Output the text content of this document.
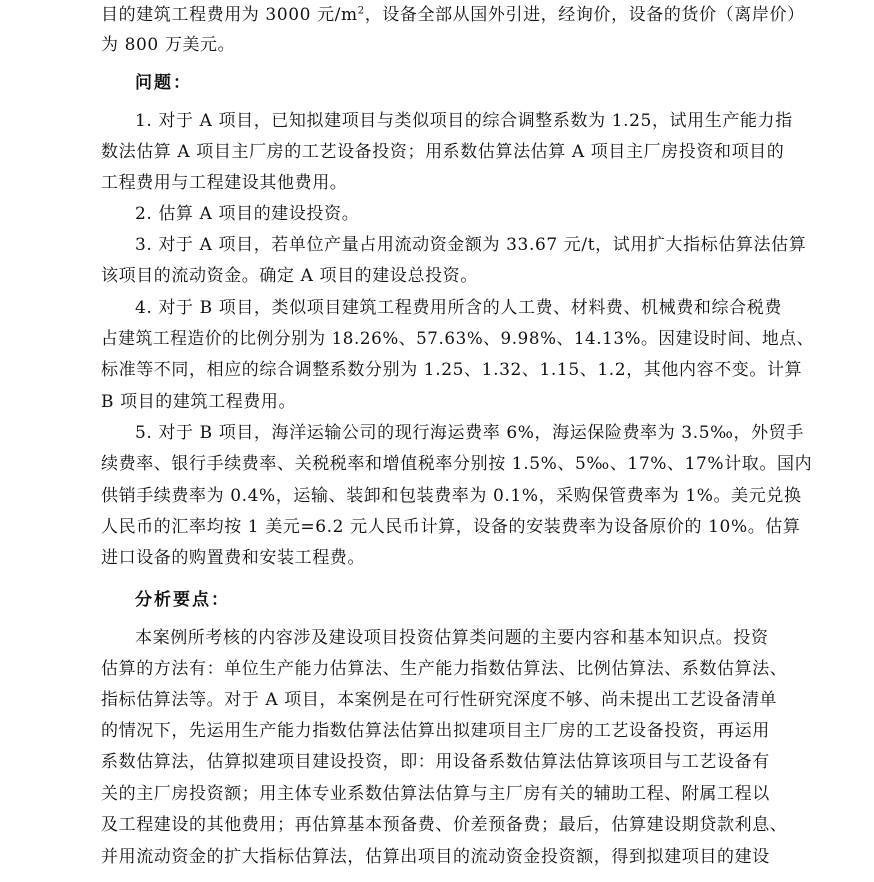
目的建筑工程费用为 3000 元$/m^2$，设备全部从国外引进，经询价，设备的货价（离岸价）
为 800 万美元。
问题：
1. 对于 A 项目，已知拟建项目与类似项目的综合调整系数为 1.25，试用生产能力指
数法估算 A 项目主厂房的工艺设备投资；用系数估算法估算 A 项目主厂房投资和项目的
工程费用与工程建设其他费用。
2. 估算 A 项目的建设投资。
3. 对于 A 项目，若单位产量占用流动资金额为 33.67 元/t，试用扩大指标估算法估算
该项目的流动资金。确定 A 项目的建设总投资。
4. 对于 B 项目，类似项目建筑工程费用所含的人工费、材料费、机械费和综合税费
占建筑工程造价的比例分别为 18.26%、57.63%、9.98%、14.13%。因建设时间、地点、
标准等不同，相应的综合调整系数分别为 1.25、1.32、1.15、1.2，其他内容不变。计算
B 项目的建筑工程费用。
5. 对于 B 项目，海洋运输公司的现行海运费率 6%，海运保险费率为 3.5‰，外贸手
续费率、银行手续费率、关税税率和增值税率分别按 1.5%、5‰、17%、17%计取。国内
供销手续费率为 0.4%，运输、装卸和包装费率为 0.1%，采购保管费率为 1%。美元兑换
人民币的汇率均按 1 美元=6.2 元人民币计算，设备的安装费率为设备原价的 10%。估算
进口设备的购置费和安装工程费。
分析要点：
本案例所考核的内容涉及建设项目投资估算类问题的主要内容和基本知识点。投资
估算的方法有：单位生产能力估算法、生产能力指数估算法、比例估算法、系数估算法、
指标估算法等。对于 A 项目，本案例是在可行性研究深度不够、尚未提出工艺设备清单
的情况下，先运用生产能力指数估算法估算出拟建项目主厂房的工艺设备投资，再运用
系数估算法，估算拟建项目建设投资，即：用设备系数估算法估算该项目与工艺设备有
关的主厂房投资额；用主体专业系数估算法估算与主厂房有关的辅助工程、附属工程以
及工程建设的其他费用；再估算基本预备费、价差预备费；最后，估算建设期贷款利息、
并用流动资金的扩大指标估算法，估算出项目的流动资金投资额，得到拟建项目的建设
